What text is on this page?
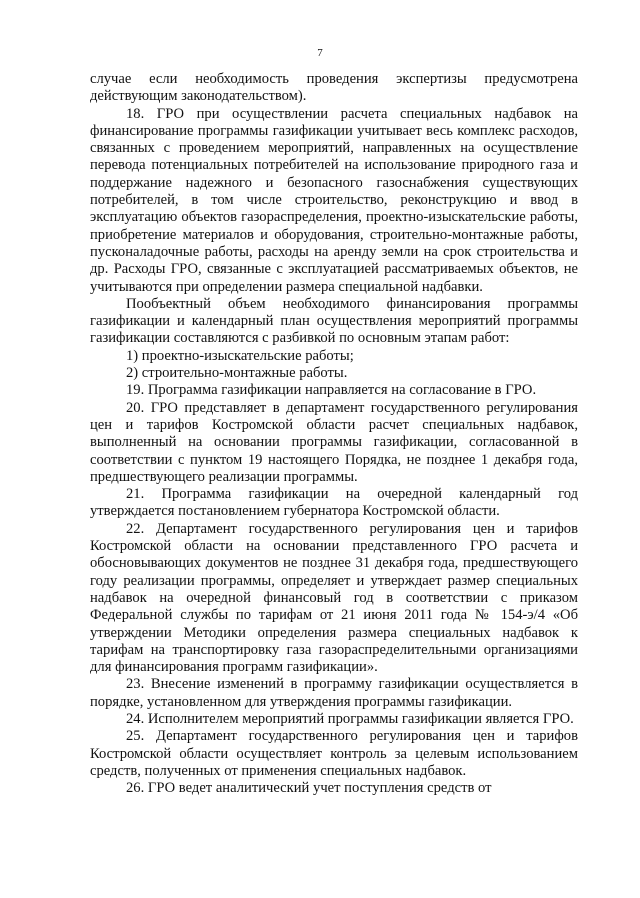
7

случае если необходимость проведения экспертизы предусмотрена действующим законодательством).

18. ГРО при осуществлении расчета специальных надбавок на финансирование программы газификации учитывает весь комплекс расходов, связанных с проведением мероприятий, направленных на осуществление перевода потенциальных потребителей на использование природного газа и поддержание надежного и безопасного газоснабжения существующих потребителей, в том числе строительство, реконструкцию и ввод в эксплуатацию объектов газораспределения, проектно-изыскательские работы, приобретение материалов и оборудования, строительно-монтажные работы, пусконаладочные работы, расходы на аренду земли на срок строительства и др. Расходы ГРО, связанные с эксплуатацией рассматриваемых объектов, не учитываются при определении размера специальной надбавки.

Пообъектный объем необходимого финансирования программы газификации и календарный план осуществления мероприятий программы газификации составляются с разбивкой по основным этапам работ:

1) проектно-изыскательские работы;

2) строительно-монтажные работы.

19. Программа газификации направляется на согласование в ГРО.

20. ГРО представляет в департамент государственного регулирования цен и тарифов Костромской области расчет специальных надбавок, выполненный на основании программы газификации, согласованной в соответствии с пунктом 19 настоящего Порядка, не позднее 1 декабря года, предшествующего реализации программы.

21. Программа газификации на очередной календарный год утверждается постановлением губернатора Костромской области.

22. Департамент государственного регулирования цен и тарифов Костромской области на основании представленного ГРО расчета и обосновывающих документов не позднее 31 декабря года, предшествующего году реализации программы, определяет и утверждает размер специальных надбавок на очередной финансовый год в соответствии с приказом Федеральной службы по тарифам от 21 июня 2011 года № 154-э/4 «Об утверждении Методики определения размера специальных надбавок к тарифам на транспортировку газа газораспределительными организациями для финансирования программ газификации».

23. Внесение изменений в программу газификации осуществляется в порядке, установленном для утверждения программы газификации.

24. Исполнителем мероприятий программы газификации является ГРО.

25. Департамент государственного регулирования цен и тарифов Костромской области осуществляет контроль за целевым использованием средств, полученных от применения специальных надбавок.

26. ГРО ведет аналитический учет поступления средств от
